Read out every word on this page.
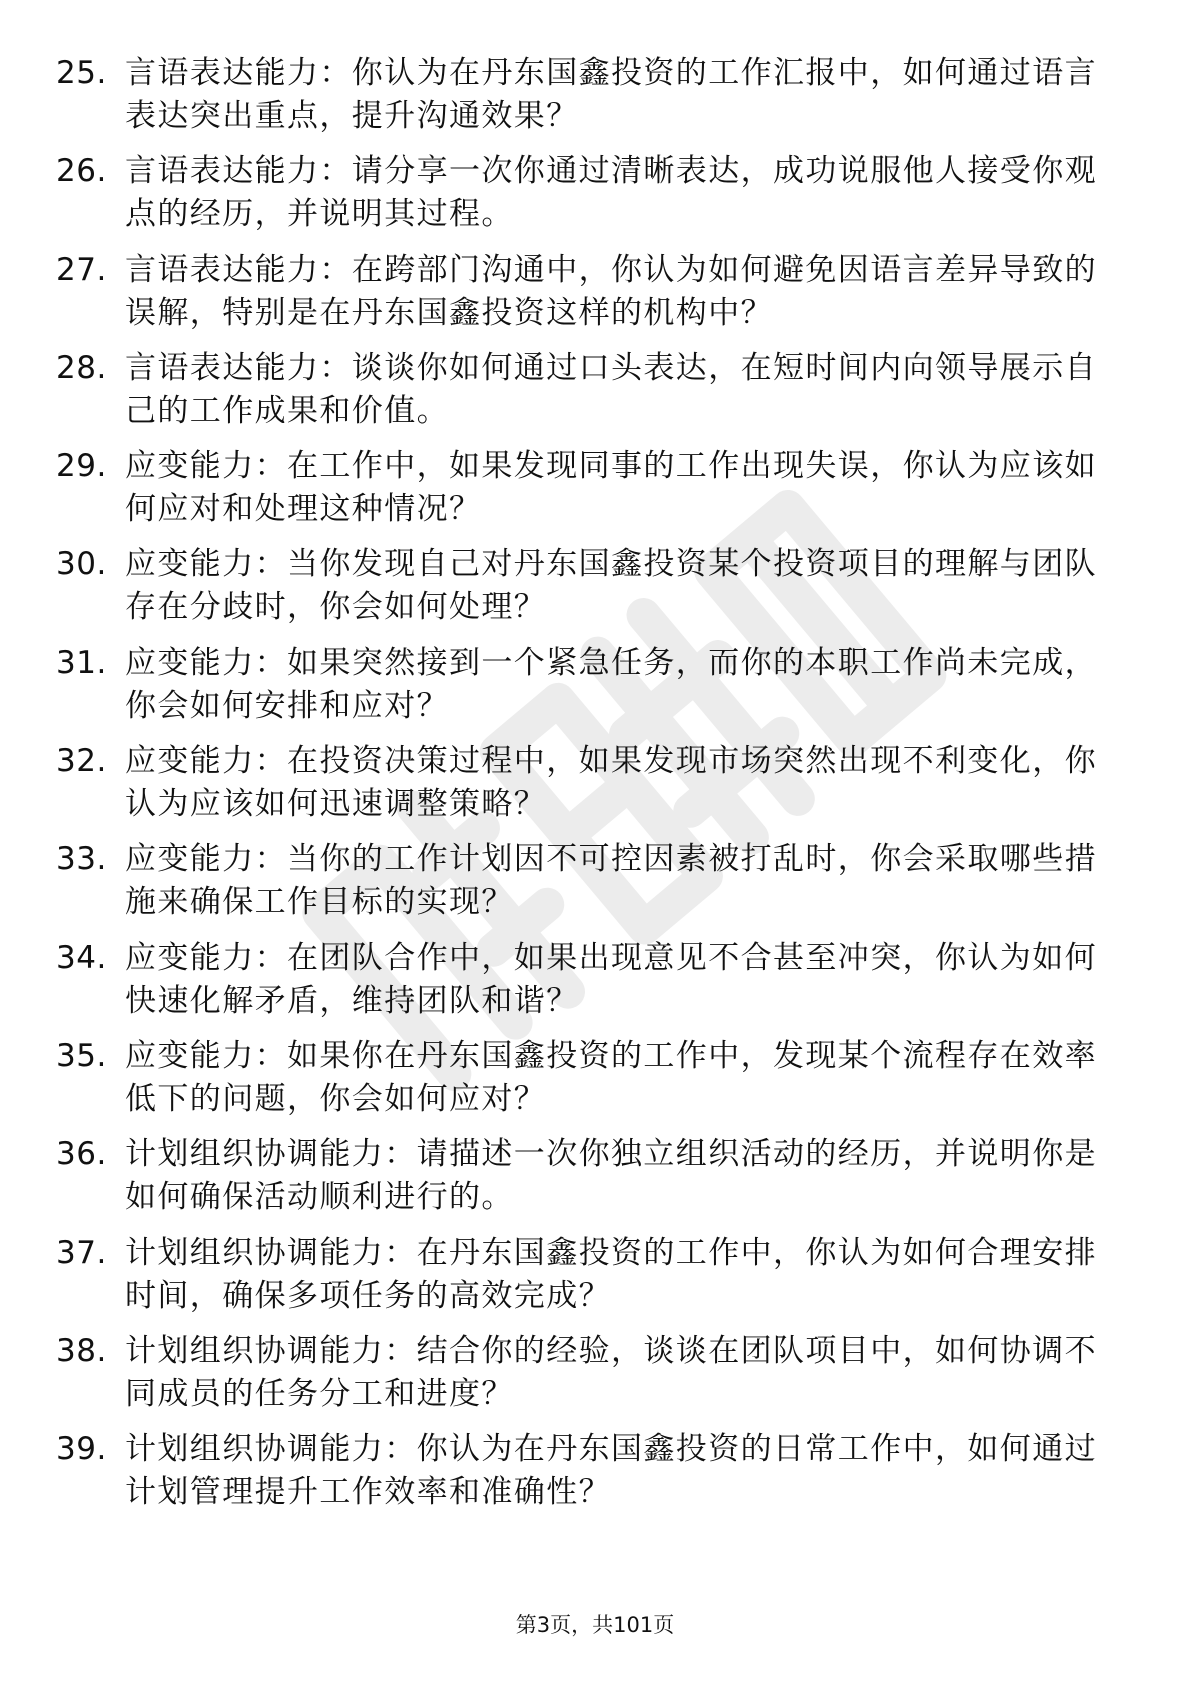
25. 言语表达能力：你认为在丹东国鑫投资的工作汇报中，如何通过语言表达突出重点，提升沟通效果？
26. 言语表达能力：请分享一次你通过清晰表达，成功说服他人接受你观点的经历，并说明其过程。
27. 言语表达能力：在跨部门沟通中，你认为如何避免因语言差异导致的误解，特别是在丹东国鑫投资这样的机构中？
28. 言语表达能力：谈谈你如何通过口头表达，在短时间内向领导展示自己的工作成果和价值。
29. 应变能力：在工作中，如果发现同事的工作出现失误，你认为应该如何应对和处理这种情况？
30. 应变能力：当你发现自己对丹东国鑫投资某个投资项目的理解与团队存在分歧时，你会如何处理？
31. 应变能力：如果突然接到一个紧急任务，而你的本职工作尚未完成，你会如何安排和应对？
32. 应变能力：在投资决策过程中，如果发现市场突然出现不利变化，你认为应该如何迅速调整策略？
33. 应变能力：当你的工作计划因不可控因素被打乱时，你会采取哪些措施来确保工作目标的实现？
34. 应变能力：在团队合作中，如果出现意见不合甚至冲突，你认为如何快速化解矛盾，维持团队和谐？
35. 应变能力：如果你在丹东国鑫投资的工作中，发现某个流程存在效率低下的问题，你会如何应对？
36. 计划组织协调能力：请描述一次你独立组织活动的经历，并说明你是如何确保活动顺利进行的。
37. 计划组织协调能力：在丹东国鑫投资的工作中，你认为如何合理安排时间，确保多项任务的高效完成？
38. 计划组织协调能力：结合你的经验，谈谈在团队项目中，如何协调不同成员的任务分工和进度？
39. 计划组织协调能力：你认为在丹东国鑫投资的日常工作中，如何通过计划管理提升工作效率和准确性？
第3页，共101页
